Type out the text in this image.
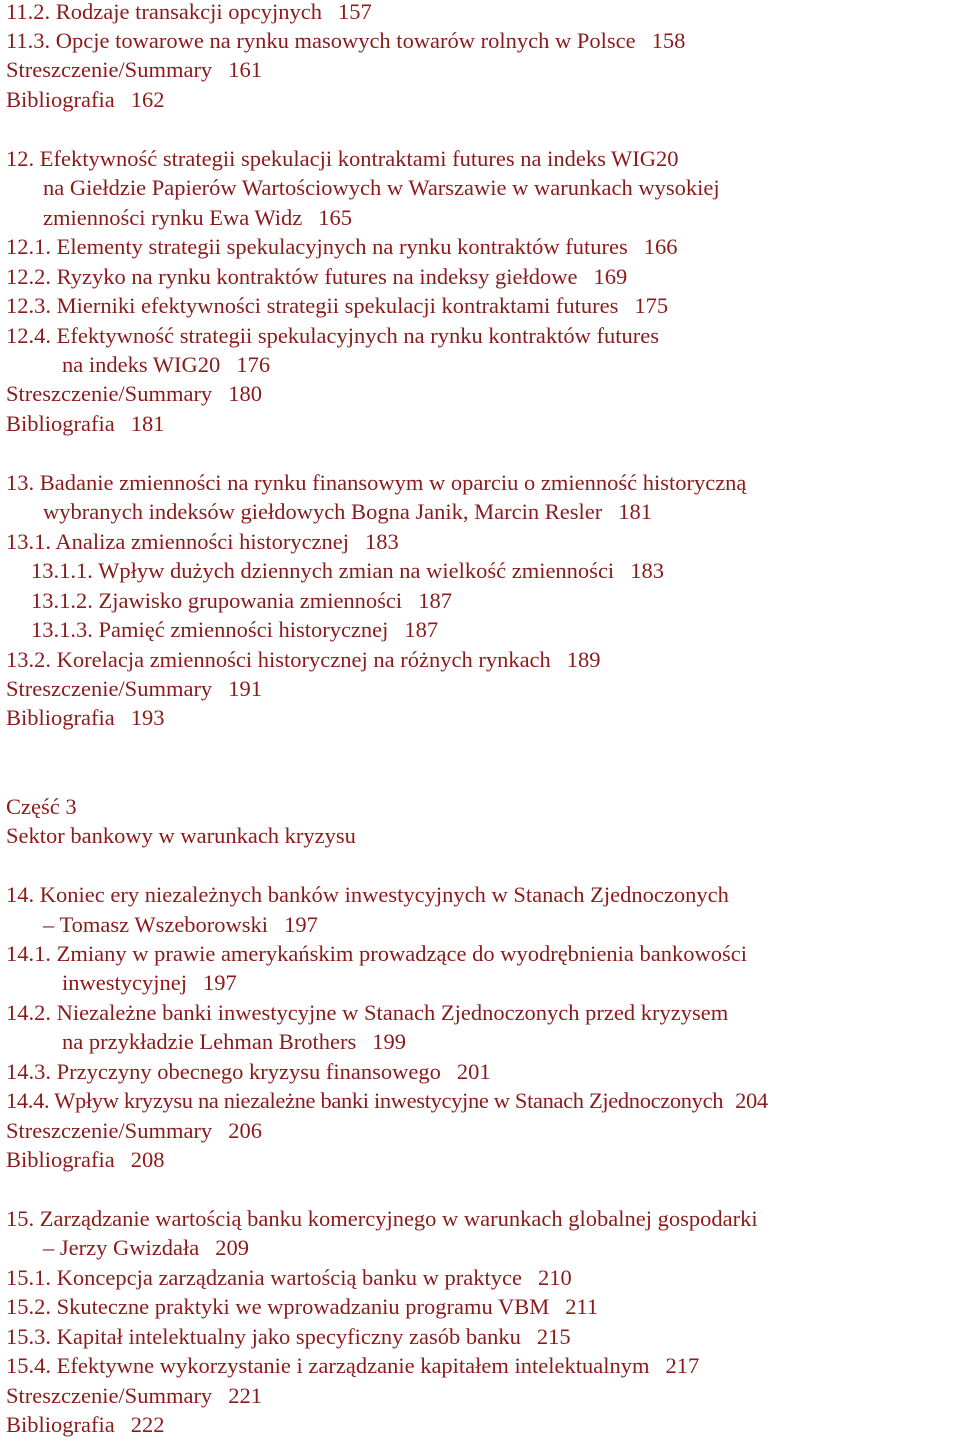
11.2. Rodzaje transakcji opcyjnych 157
11.3. Opcje towarowe na rynku masowych towarów rolnych w Polsce 158
Streszczenie/Summary 161
Bibliografia 162
12. Efektywność strategii spekulacji kontraktami futures na indeks WIG20
na Giełdzie Papierów Wartościowych w Warszawie w warunkach wysokiej
zmienności rynku Ewa Widz 165
12.1. Elementy strategii spekulacyjnych na rynku kontraktów futures 166
12.2. Ryzyko na rynku kontraktów futures na indeksy giełdowe 169
12.3. Mierniki efektywności strategii spekulacji kontraktami futures 175
12.4. Efektywność strategii spekulacyjnych na rynku kontraktów futures
na indeks WIG20 176
Streszczenie/Summary 180
Bibliografia 181
13. Badanie zmienności na rynku finansowym w oparciu o zmienność historyczną
wybranych indeksów giełdowych Bogna Janik, Marcin Resler 181
13.1. Analiza zmienności historycznej 183
13.1.1. Wpływ dużych dziennych zmian na wielkość zmienności 183
13.1.2. Zjawisko grupowania zmienności 187
13.1.3. Pamięć zmienności historycznej 187
13.2. Korelacja zmienności historycznej na różnych rynkach 189
Streszczenie/Summary 191
Bibliografia 193
Część 3
Sektor bankowy w warunkach kryzysu
14. Koniec ery niezależnych banków inwestycyjnych w Stanach Zjednoczonych
– Tomasz Wszeborowski 197
14.1. Zmiany w prawie amerykańskim prowadzące do wyodrębnienia bankowości
inwestycyjnej 197
14.2. Niezależne banki inwestycyjne w Stanach Zjednoczonych przed kryzysem
na przykładzie Lehman Brothers 199
14.3. Przyczyny obecnego kryzysu finansowego 201
14.4. Wpływ kryzysu na niezależne banki inwestycyjne w Stanach Zjednoczonych 204
Streszczenie/Summary 206
Bibliografia 208
15. Zarządzanie wartością banku komercyjnego w warunkach globalnej gospodarki
– Jerzy Gwizdała 209
15.1. Koncepcja zarządzania wartością banku w praktyce 210
15.2. Skuteczne praktyki we wprowadzaniu programu VBM 211
15.3. Kapitał intelektualny jako specyficzny zasób banku 215
15.4. Efektywne wykorzystanie i zarządzanie kapitałem intelektualnym 217
Streszczenie/Summary 221
Bibliografia 222
